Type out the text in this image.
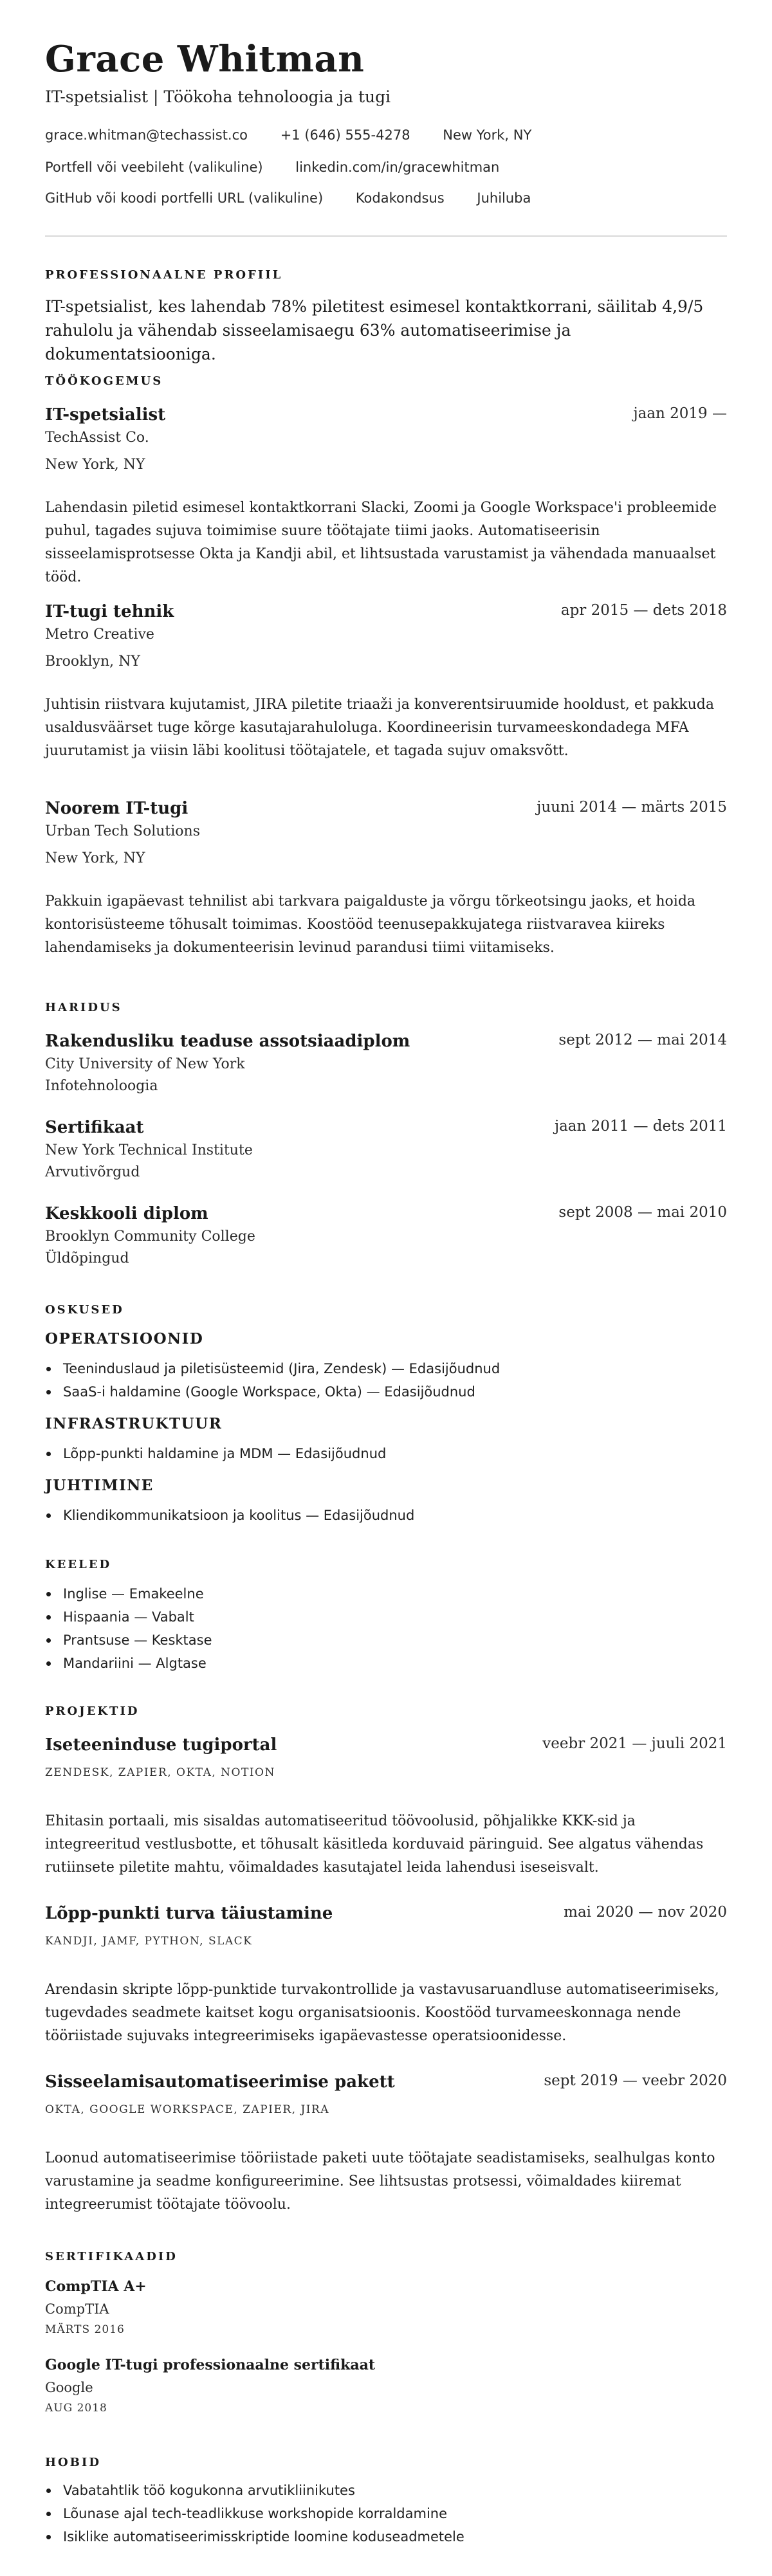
Grace Whitman
IT-spetsialist | Töökoha tehnoloogia ja tugi
grace.whitman@techassist.co +1 (646) 555-4278 New York, NY
Portfell või veebileht (valikuline) linkedin.com/in/gracewhitman
GitHub või koodi portfelli URL (valikuline) Kodakondsus Juhiluba
PROFESSIONAALNE PROFIIL
IT-spetsialist, kes lahendab 78% piletitest esimesel kontaktkorrani, säilitab 4,9/5 rahulolu ja vähendab sisseelamisaegu 63% automatiseerimise ja dokumentatsiooniga.
TÖÖKOGEMUS
IT-spetsialist	jaan 2019 —
TechAssist Co.
New York, NY
Lahendasin piletid esimesel kontaktkorrani Slacki, Zoomi ja Google Workspace'i probleemide puhul, tagades sujuva toimimise suure töötajate tiimi jaoks. Automatiseerisin sisseelamisprotsesse Okta ja Kandji abil, et lihtsustada varustamist ja vähendada manuaalset tööd.
IT-tugi tehnik	apr 2015 — dets 2018
Metro Creative
Brooklyn, NY
Juhtisin riistvara kujutamist, JIRA piletite triaaži ja konverentsiruumide hooldust, et pakkuda usaldusväärset tuge kõrge kasutajarahuloluga. Koordineerisin turvameeskondadega MFA juurutamist ja viisin läbi koolitusi töötajatele, et tagada sujuv omaksvõtt.
Noorem IT-tugi	juuni 2014 — märts 2015
Urban Tech Solutions
New York, NY
Pakkuin igapäevast tehnilist abi tarkvara paigalduste ja võrgu tõrkeotsingu jaoks, et hoida kontorisüsteeme tõhusalt toimimas. Koostööd teenusepakkujatega riistvaravea kiireks lahendamiseks ja dokumenteerisin levinud parandusi tiimi viitamiseks.
HARIDUS
Rakendusliku teaduse assotsiaadiplom	sept 2012 — mai 2014
City University of New York
Infotehnoloogia
Sertifikaat	jaan 2011 — dets 2011
New York Technical Institute
Arvutivõrgud
Keskkooli diplom	sept 2008 — mai 2010
Brooklyn Community College
Üldõpingud
OSKUSED
OPERATSIOONID
Teeninduslaud ja piletisüsteemid (Jira, Zendesk) — Edasijõudnud
SaaS-i haldamine (Google Workspace, Okta) — Edasijõudnud
INFRASTRUKTUUR
Lõpp-punkti haldamine ja MDM — Edasijõudnud
JUHTIMINE
Kliendikommunikatsioon ja koolitus — Edasijõudnud
KEELED
Inglise — Emakeelne
Hispaania — Vabalt
Prantsuse — Kesktase
Mandariini — Algtase
PROJEKTID
Iseteeninduse tugiportal	veebr 2021 — juuli 2021
ZENDESK, ZAPIER, OKTA, NOTION
Ehitasin portaali, mis sisaldas automatiseeritud töövoolusid, põhjalikke KKK-sid ja integreeritud vestlusbotte, et tõhusalt käsitleda korduvaid päringuid. See algatus vähendas rutiinsete piletite mahtu, võimaldades kasutajatel leida lahendusi iseseisvalt.
Lõpp-punkti turva täiustamine	mai 2020 — nov 2020
KANDJI, JAMF, PYTHON, SLACK
Arendasin skripte lõpp-punktide turvakontrollide ja vastavusaruandluse automatiseerimiseks, tugevdades seadmete kaitset kogu organisatsioonis. Koostööd turvameeskonnaga nende tööriistade sujuvaks integreerimiseks igapäevastesse operatsioonidesse.
Sisseelamisautomatiseerimise pakett	sept 2019 — veebr 2020
OKTA, GOOGLE WORKSPACE, ZAPIER, JIRA
Loonud automatiseerimise tööriistade paketi uute töötajate seadistamiseks, sealhulgas konto varustamine ja seadme konfigureerimine. See lihtsustas protsessi, võimaldades kiiremat integreerumist töötajate töövoolu.
SERTIFIKAADID
CompTIA A+
CompTIA
MÄRTS 2016
Google IT-tugi professionaalne sertifikaat
Google
AUG 2018
HOBID
Vabatahtlik töö kogukonna arvutikliinikutes
Lõunase ajal tech-teadlikkuse workshopide korraldamine
Isiklike automatiseerimisskriptide loomine koduseadmetele
